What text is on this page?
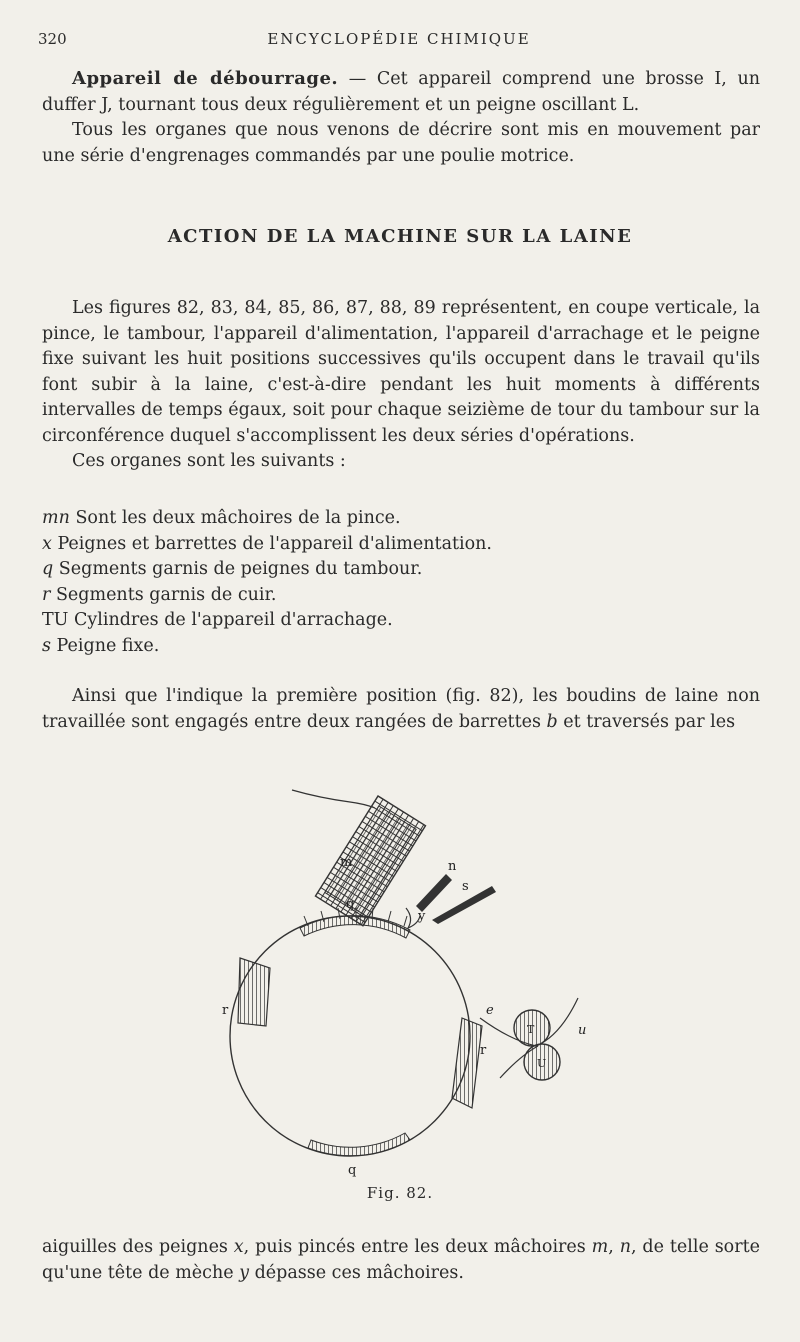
320	ENCYCLOPÉDIE CHIMIQUE

Appareil de débourrage. — Cet appareil comprend une brosse I, un duffer J, tournant tous deux régulièrement et un peigne oscillant L.

Tous les organes que nous venons de décrire sont mis en mouvement par une série d'engrenages commandés par une poulie motrice.

ACTION DE LA MACHINE SUR LA LAINE

Les figures 82, 83, 84, 85, 86, 87, 88, 89 représentent, en coupe verticale, la pince, le tambour, l'appareil d'alimentation, l'appareil d'arrachage et le peigne fixe suivant les huit positions successives qu'ils occupent dans le travail qu'ils font subir à la laine, c'est-à-dire pendant les huit moments à différents intervalles de temps égaux, soit pour chaque seizième de tour du tambour sur la circonférence duquel s'accomplissent les deux séries d'opérations.

Ces organes sont les suivants :

mn Sont les deux mâchoires de la pince.
x Peignes et barrettes de l'appareil d'alimentation.
q Segments garnis de peignes du tambour.
r Segments garnis de cuir.
TU Cylindres de l'appareil d'arrachage.
s Peigne fixe.

Ainsi que l'indique la première position (fig. 82), les boudins de laine non travaillée sont engagés entre deux rangées de barrettes b et traversés par les

m	n
s
q
y
r
r
e
T
U
u
q
Fig. 82.

aiguilles des peignes x, puis pincés entre les deux mâchoires m, n, de telle sorte qu'une tête de mèche y dépasse ces mâchoires.
